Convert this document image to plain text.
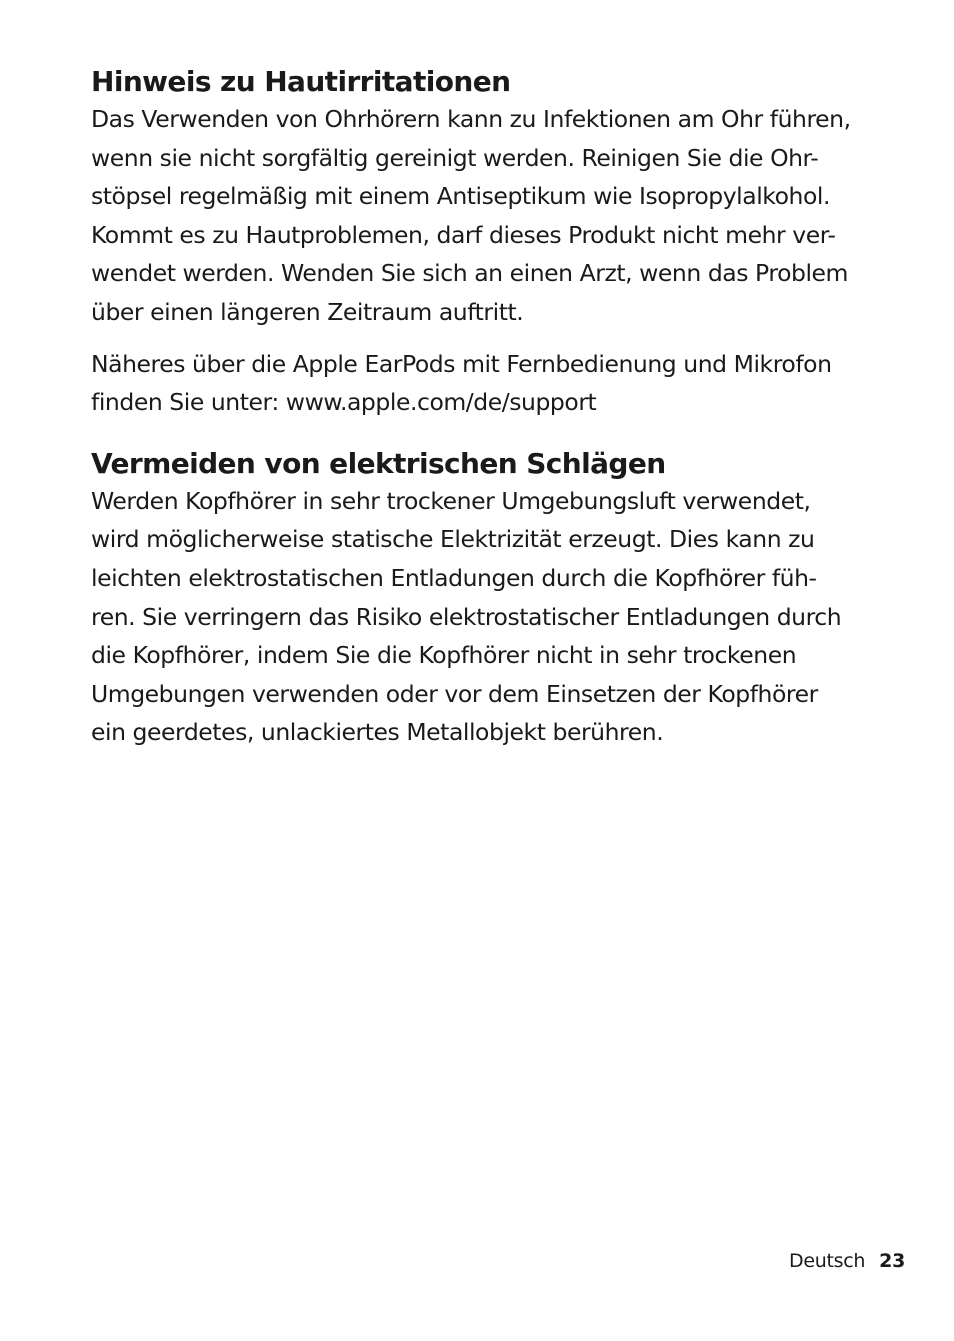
Hinweis zu Hautirritationen

Das Verwenden von Ohrhörern kann zu Infektionen am Ohr führen,
wenn sie nicht sorgfältig gereinigt werden. Reinigen Sie die Ohr-
stöpsel regelmäßig mit einem Antiseptikum wie Isopropylalkohol.
Kommt es zu Hautproblemen, darf dieses Produkt nicht mehr ver-
wendet werden. Wenden Sie sich an einen Arzt, wenn das Problem
über einen längeren Zeitraum auftritt.

Näheres über die Apple EarPods mit Fernbedienung und Mikrofon
finden Sie unter: www.apple.com/de/support

Vermeiden von elektrischen Schlägen

Werden Kopfhörer in sehr trockener Umgebungsluft verwendet,
wird möglicherweise statische Elektrizität erzeugt. Dies kann zu
leichten elektrostatischen Entladungen durch die Kopfhörer füh-
ren. Sie verringern das Risiko elektrostatischer Entladungen durch
die Kopfhörer, indem Sie die Kopfhörer nicht in sehr trockenen
Umgebungen verwenden oder vor dem Einsetzen der Kopfhörer
ein geerdetes, unlackiertes Metallobjekt berühren.

Deutsch 23
